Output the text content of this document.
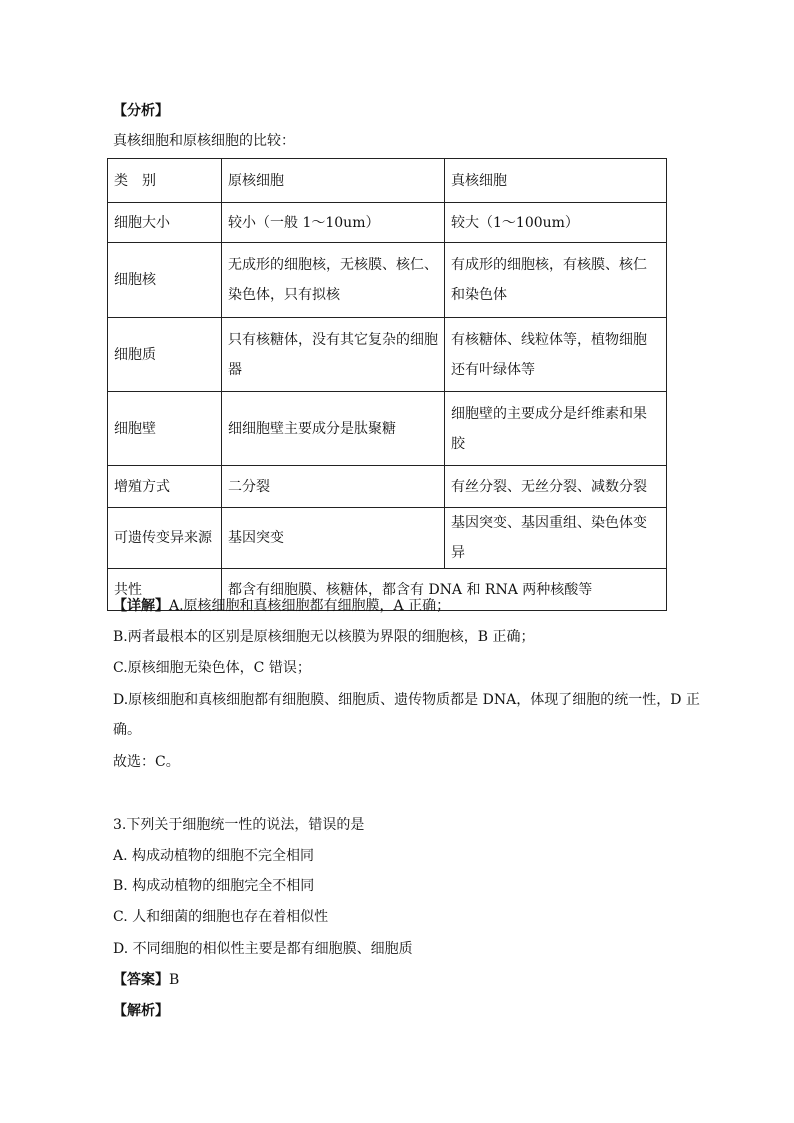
【分析】
真核细胞和原核细胞的比较：
类　别	原核细胞	真核细胞
细胞大小	较小（一般 1～10um）	较大（1～100um）
细胞核	无成形的细胞核，无核膜、核仁、染色体，只有拟核	有成形的细胞核，有核膜、核仁和染色体
细胞质	只有核糖体，没有其它复杂的细胞器	有核糖体、线粒体等，植物细胞还有叶绿体等
细胞壁	细细胞壁主要成分是肽聚糖	细胞壁的主要成分是纤维素和果胶
增殖方式	二分裂	有丝分裂、无丝分裂、减数分裂
可遗传变异来源	基因突变	基因突变、基因重组、染色体变异
共性	都含有细胞膜、核糖体，都含有 DNA 和 RNA 两种核酸等	
【详解】A.原核细胞和真核细胞都有细胞膜，A 正确；
B.两者最根本的区别是原核细胞无以核膜为界限的细胞核，B 正确；
C.原核细胞无染色体，C 错误；
D.原核细胞和真核细胞都有细胞膜、细胞质、遗传物质都是 DNA，体现了细胞的统一性，D 正
确。
故选：C。
3.下列关于细胞统一性的说法，错误的是
A. 构成动植物的细胞不完全相同
B. 构成动植物的细胞完全不相同
C. 人和细菌的细胞也存在着相似性
D. 不同细胞的相似性主要是都有细胞膜、细胞质
【答案】B
【解析】
